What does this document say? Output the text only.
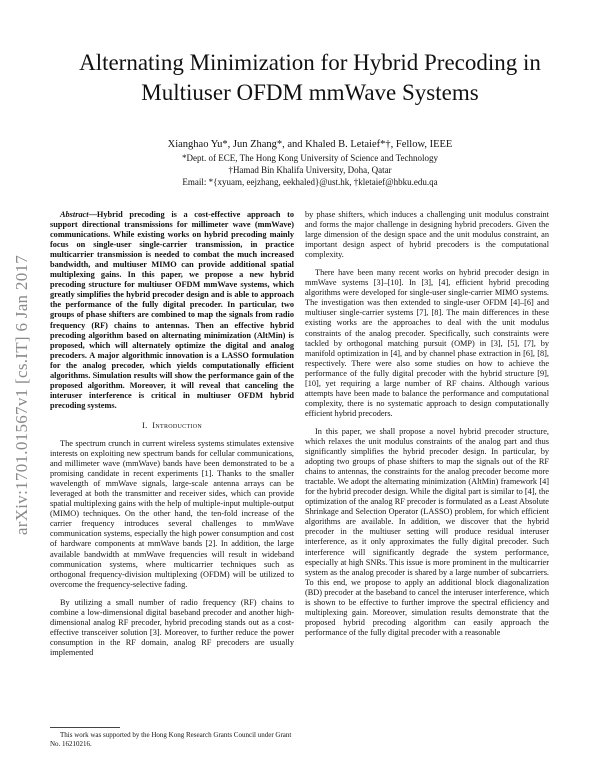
arXiv:1701.01567v1 [cs.IT] 6 Jan 2017
Alternating Minimization for Hybrid Precoding in Multiuser OFDM mmWave Systems
Xianghao Yu*, Jun Zhang*, and Khaled B. Letaief*†, Fellow, IEEE
*Dept. of ECE, The Hong Kong University of Science and Technology
†Hamad Bin Khalifa University, Doha, Qatar
Email: *{xyuam, eejzhang, eekhaled}@ust.hk, †kletaief@hbku.edu.qa

Abstract—Hybrid precoding is a cost-effective approach to support directional transmissions for millimeter wave (mmWave) communications. While existing works on hybrid precoding mainly focus on single-user single-carrier transmission, in practice multicarrier transmission is needed to combat the much increased bandwidth, and multiuser MIMO can provide additional spatial multiplexing gains. In this paper, we propose a new hybrid precoding structure for multiuser OFDM mmWave systems, which greatly simplifies the hybrid precoder design and is able to approach the performance of the fully digital precoder. In particular, two groups of phase shifters are combined to map the signals from radio frequency (RF) chains to antennas. Then an effective hybrid precoding algorithm based on alternating minimization (AltMin) is proposed, which will alternately optimize the digital and analog precoders. A major algorithmic innovation is a LASSO formulation for the analog precoder, which yields computationally efficient algorithms. Simulation results will show the performance gain of the proposed algorithm. Moreover, it will reveal that canceling the interuser interference is critical in multiuser OFDM hybrid precoding systems.

I. Introduction

The spectrum crunch in current wireless systems stimulates extensive interests on exploiting new spectrum bands for cellular communications, and millimeter wave (mmWave) bands have been demonstrated to be a promising candidate in recent experiments [1]. Thanks to the smaller wavelength of mmWave signals, large-scale antenna arrays can be leveraged at both the transmitter and receiver sides, which can provide spatial multiplexing gains with the help of multiple-input multiple-output (MIMO) techniques. On the other hand, the ten-fold increase of the carrier frequency introduces several challenges to mmWave communication systems, especially the high power consumption and cost of hardware components at mmWave bands [2]. In addition, the large available bandwidth at mmWave frequencies will result in wideband communication systems, where multicarrier techniques such as orthogonal frequency-division multiplexing (OFDM) will be utilized to overcome the frequency-selective fading.

By utilizing a small number of radio frequency (RF) chains to combine a low-dimensional digital baseband precoder and another high-dimensional analog RF precoder, hybrid precoding stands out as a cost-effective transceiver solution [3]. Moreover, to further reduce the power consumption in the RF domain, analog RF precoders are usually implemented

by phase shifters, which induces a challenging unit modulus constraint and forms the major challenge in designing hybrid precoders. Given the large dimension of the design space and the unit modulus constraint, an important design aspect of hybrid precoders is the computational complexity.

There have been many recent works on hybrid precoder design in mmWave systems [3]–[10]. In [3], [4], efficient hybrid precoding algorithms were developed for single-user single-carrier MIMO systems. The investigation was then extended to single-user OFDM [4]–[6] and multiuser single-carrier systems [7], [8]. The main differences in these existing works are the approaches to deal with the unit modulus constraints of the analog precoder. Specifically, such constraints were tackled by orthogonal matching pursuit (OMP) in [3], [5], [7], by manifold optimization in [4], and by channel phase extraction in [6], [8], respectively. There were also some studies on how to achieve the performance of the fully digital precoder with the hybrid structure [9], [10], yet requiring a large number of RF chains. Although various attempts have been made to balance the performance and computational complexity, there is no systematic approach to design computationally efficient hybrid precoders.

In this paper, we shall propose a novel hybrid precoder structure, which relaxes the unit modulus constraints of the analog part and thus significantly simplifies the hybrid precoder design. In particular, by adopting two groups of phase shifters to map the signals out of the RF chains to antennas, the constraints for the analog precoder become more tractable. We adopt the alternating minimization (AltMin) framework [4] for the hybrid precoder design. While the digital part is similar to [4], the optimization of the analog RF precoder is formulated as a Least Absolute Shrinkage and Selection Operator (LASSO) problem, for which efficient algorithms are available. In addition, we discover that the hybrid precoder in the multiuser setting will produce residual interuser interference, as it only approximates the fully digital precoder. Such interference will significantly degrade the system performance, especially at high SNRs. This issue is more prominent in the multicarrier system as the analog precoder is shared by a large number of subcarriers. To this end, we propose to apply an additional block diagonalization (BD) precoder at the baseband to cancel the interuser interference, which is shown to be effective to further improve the spectral efficiency and multiplexing gain. Moreover, simulation results demonstrate that the proposed hybrid precoding algorithm can easily approach the performance of the fully digital precoder with a reasonable

This work was supported by the Hong Kong Research Grants Council under Grant No. 16210216.
